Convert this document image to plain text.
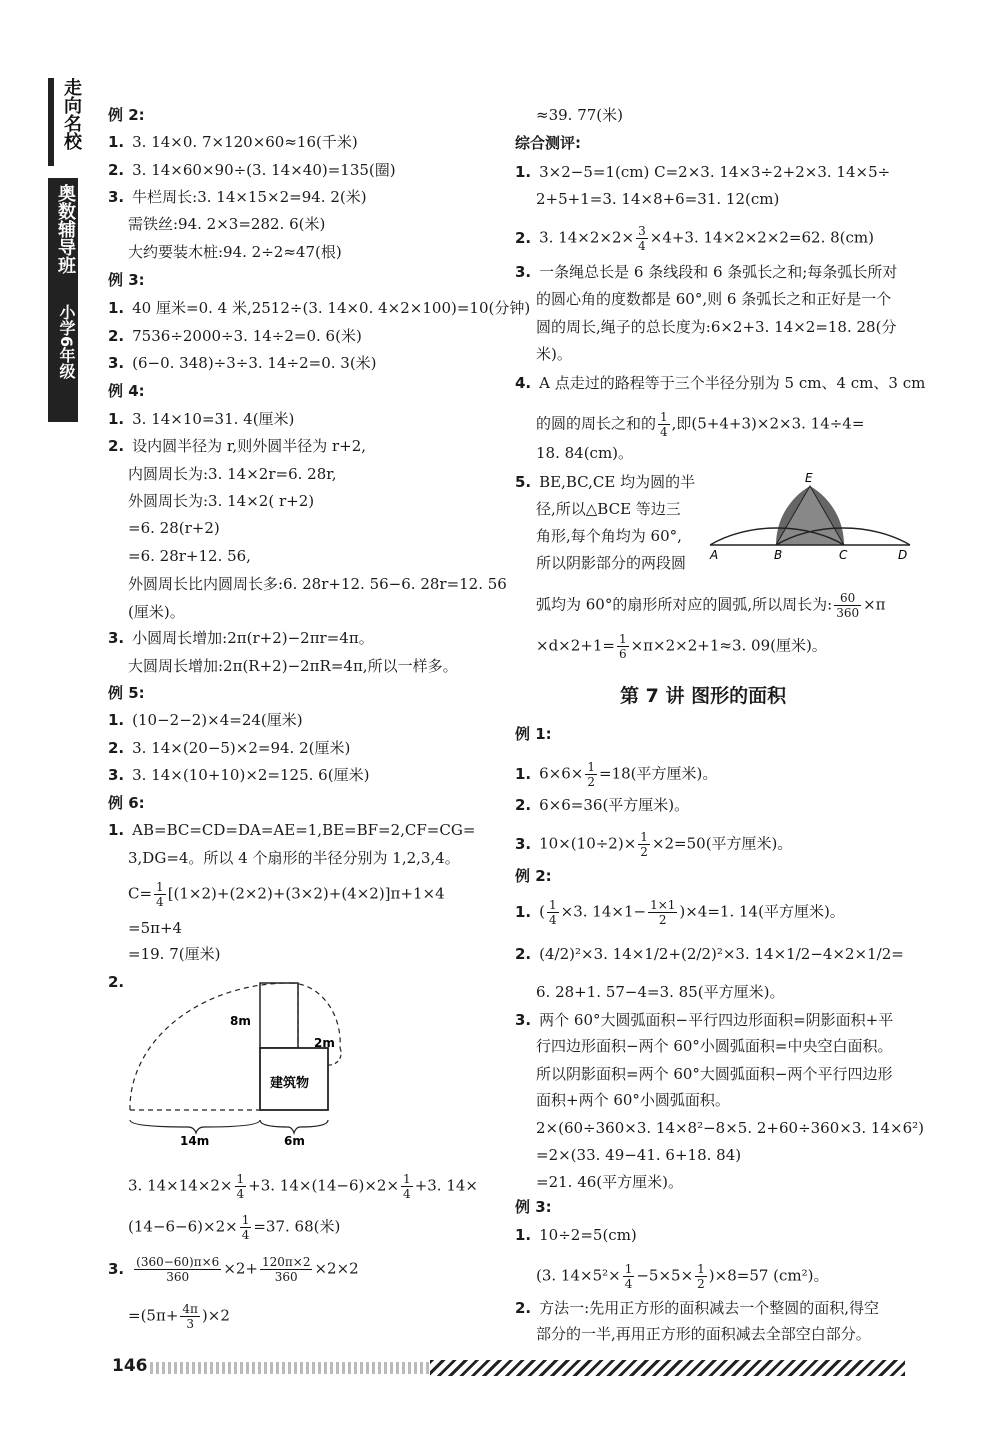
走向名校
奥数辅导班
小学6年级
8m
2m
建筑物
14m	6m
A	B	C	D
E
146
例 2:
1. 3. 14×0. 7×120×60≈16(千米)
2. 3. 14×60×90÷(3. 14×40)=135(圈)
3. 牛栏周长:3. 14×15×2=94. 2(米)
需铁丝:94. 2×3=282. 6(米)
大约要装木桩:94. 2÷2≈47(根)
例 3:
1. 40 厘米=0. 4 米,2512÷(3. 14×0. 4×2×100)=10(分钟)
2. 7536÷2000÷3. 14÷2=0. 6(米)
3. (6−0. 348)÷3÷3. 14÷2=0. 3(米)
例 4:
1. 3. 14×10=31. 4(厘米)
2. 设内圆半径为 r,则外圆半径为 r+2,
内圆周长为:3. 14×2r=6. 28r,
外圆周长为:3. 14×2( r+2)
=6. 28(r+2)
=6. 28r+12. 56,
外圆周长比内圆周长多:6. 28r+12. 56−6. 28r=12. 56
(厘米)。
3. 小圆周长增加:2π(r+2)−2πr=4π。
大圆周长增加:2π(R+2)−2πR=4π,所以一样多。
例 5:
1. (10−2−2)×4=24(厘米)
2. 3. 14×(20−5)×2=94. 2(厘米)
3. 3. 14×(10+10)×2=125. 6(厘米)
例 6:
1. AB=BC=CD=DA=AE=1,BE=BF=2,CF=CG=
3,DG=4。所以 4 个扇形的半径分别为 1,2,3,4。
$C= \frac{1}{4} [(1\times 2)+(2\times 2)+(3\times 2)+(4\times 2)]\pi+1\times 4$
=5π+4
=19. 7(厘米)
2.
3. $14\times 14\times 2\times \frac{1}{4} +3$. $14\times(14-6)\times 2\times \frac{1}{4} +3$. 14×
$(14-6-6)\times 2\times \frac{1}{4} =37$. 68(米)
3. $\frac{(360-60)\pi\times 6}{360} \times 2+ \frac{120\pi\times 2}{360} \times 2\times 2$
$=(5\pi+ \frac{4\pi}{3} )\times 2$
≈39. 77(米)
综合测评:
1. 3×2−5=1(cm) C=2×3. 14×3÷2+2×3. 14×5÷
2+5+1=3. 14×8+6=31. 12(cm)
2. 3. $14\times 2\times 2\times \frac{3}{4} \times 4+3$. 14×2×2×2=62. 8(cm)
3. 一条绳总长是 6 条线段和 6 条弧长之和;每条弧长所对
的圆心角的度数都是 60°,则 6 条弧长之和正好是一个
圆的周长,绳子的总长度为:6×2+3. 14×2=18. 28(分
米)。
4. A 点走过的路程等于三个半径分别为 5 cm、4 cm、3 cm
的圆的周长之和的 $\frac{1}{4}$ ,即(5+4+3)×2×3. 14÷4=
18. 84(cm)。
5. BE,BC,CE 均为圆的半
径,所以△BCE 等边三
角形,每个角均为 60°,
所以阴影部分的两段圆
弧均为 60°的扇形所对应的圆弧,所以周长为: $\frac{60}{360} \times\pi$
$\times d\times 2+1= \frac{1}{6} \times\pi\times 2\times 2+1\approx 3$. 09(厘米)。
第 7 讲 图形的面积
例 1:
1. $6\times 6\times \frac{1}{2} =18$(平方厘米)。
2. 6×6=36(平方厘米)。
3. $10\times(10\div 2)\times \frac{1}{2} \times 2=50$(平方厘米)。
例 2:
1. ( $\frac{1}{4} \times 3$. $14\times 1- \frac{1\times 1}{2} )\times 4=1$. 14(平方厘米)。
2. (4/2)²×3. 14×1/2+(2/2)²×3. 14×1/2−4×2×1/2=
6. 28+1. 57−4=3. 85(平方厘米)。
3. 两个 60°大圆弧面积−平行四边形面积=阴影面积+平
行四边形面积−两个 60°小圆弧面积=中央空白面积。
所以阴影面积=两个 60°大圆弧面积−两个平行四边形
面积+两个 60°小圆弧面积。
2×(60÷360×3. 14×8²−8×5. 2+60÷360×3. 14×6²)
=2×(33. 49−41. 6+18. 84)
=21. 46(平方厘米)。
例 3:
1. 10÷2=5(cm)
(3. $14\times 5^2\times \frac{1}{4} -5\times 5\times \frac{1}{2} )\times 8=57$ (cm²)。
2. 方法一:先用正方形的面积减去一个整圆的面积,得空
部分的一半,再用正方形的面积减去全部空白部分。
